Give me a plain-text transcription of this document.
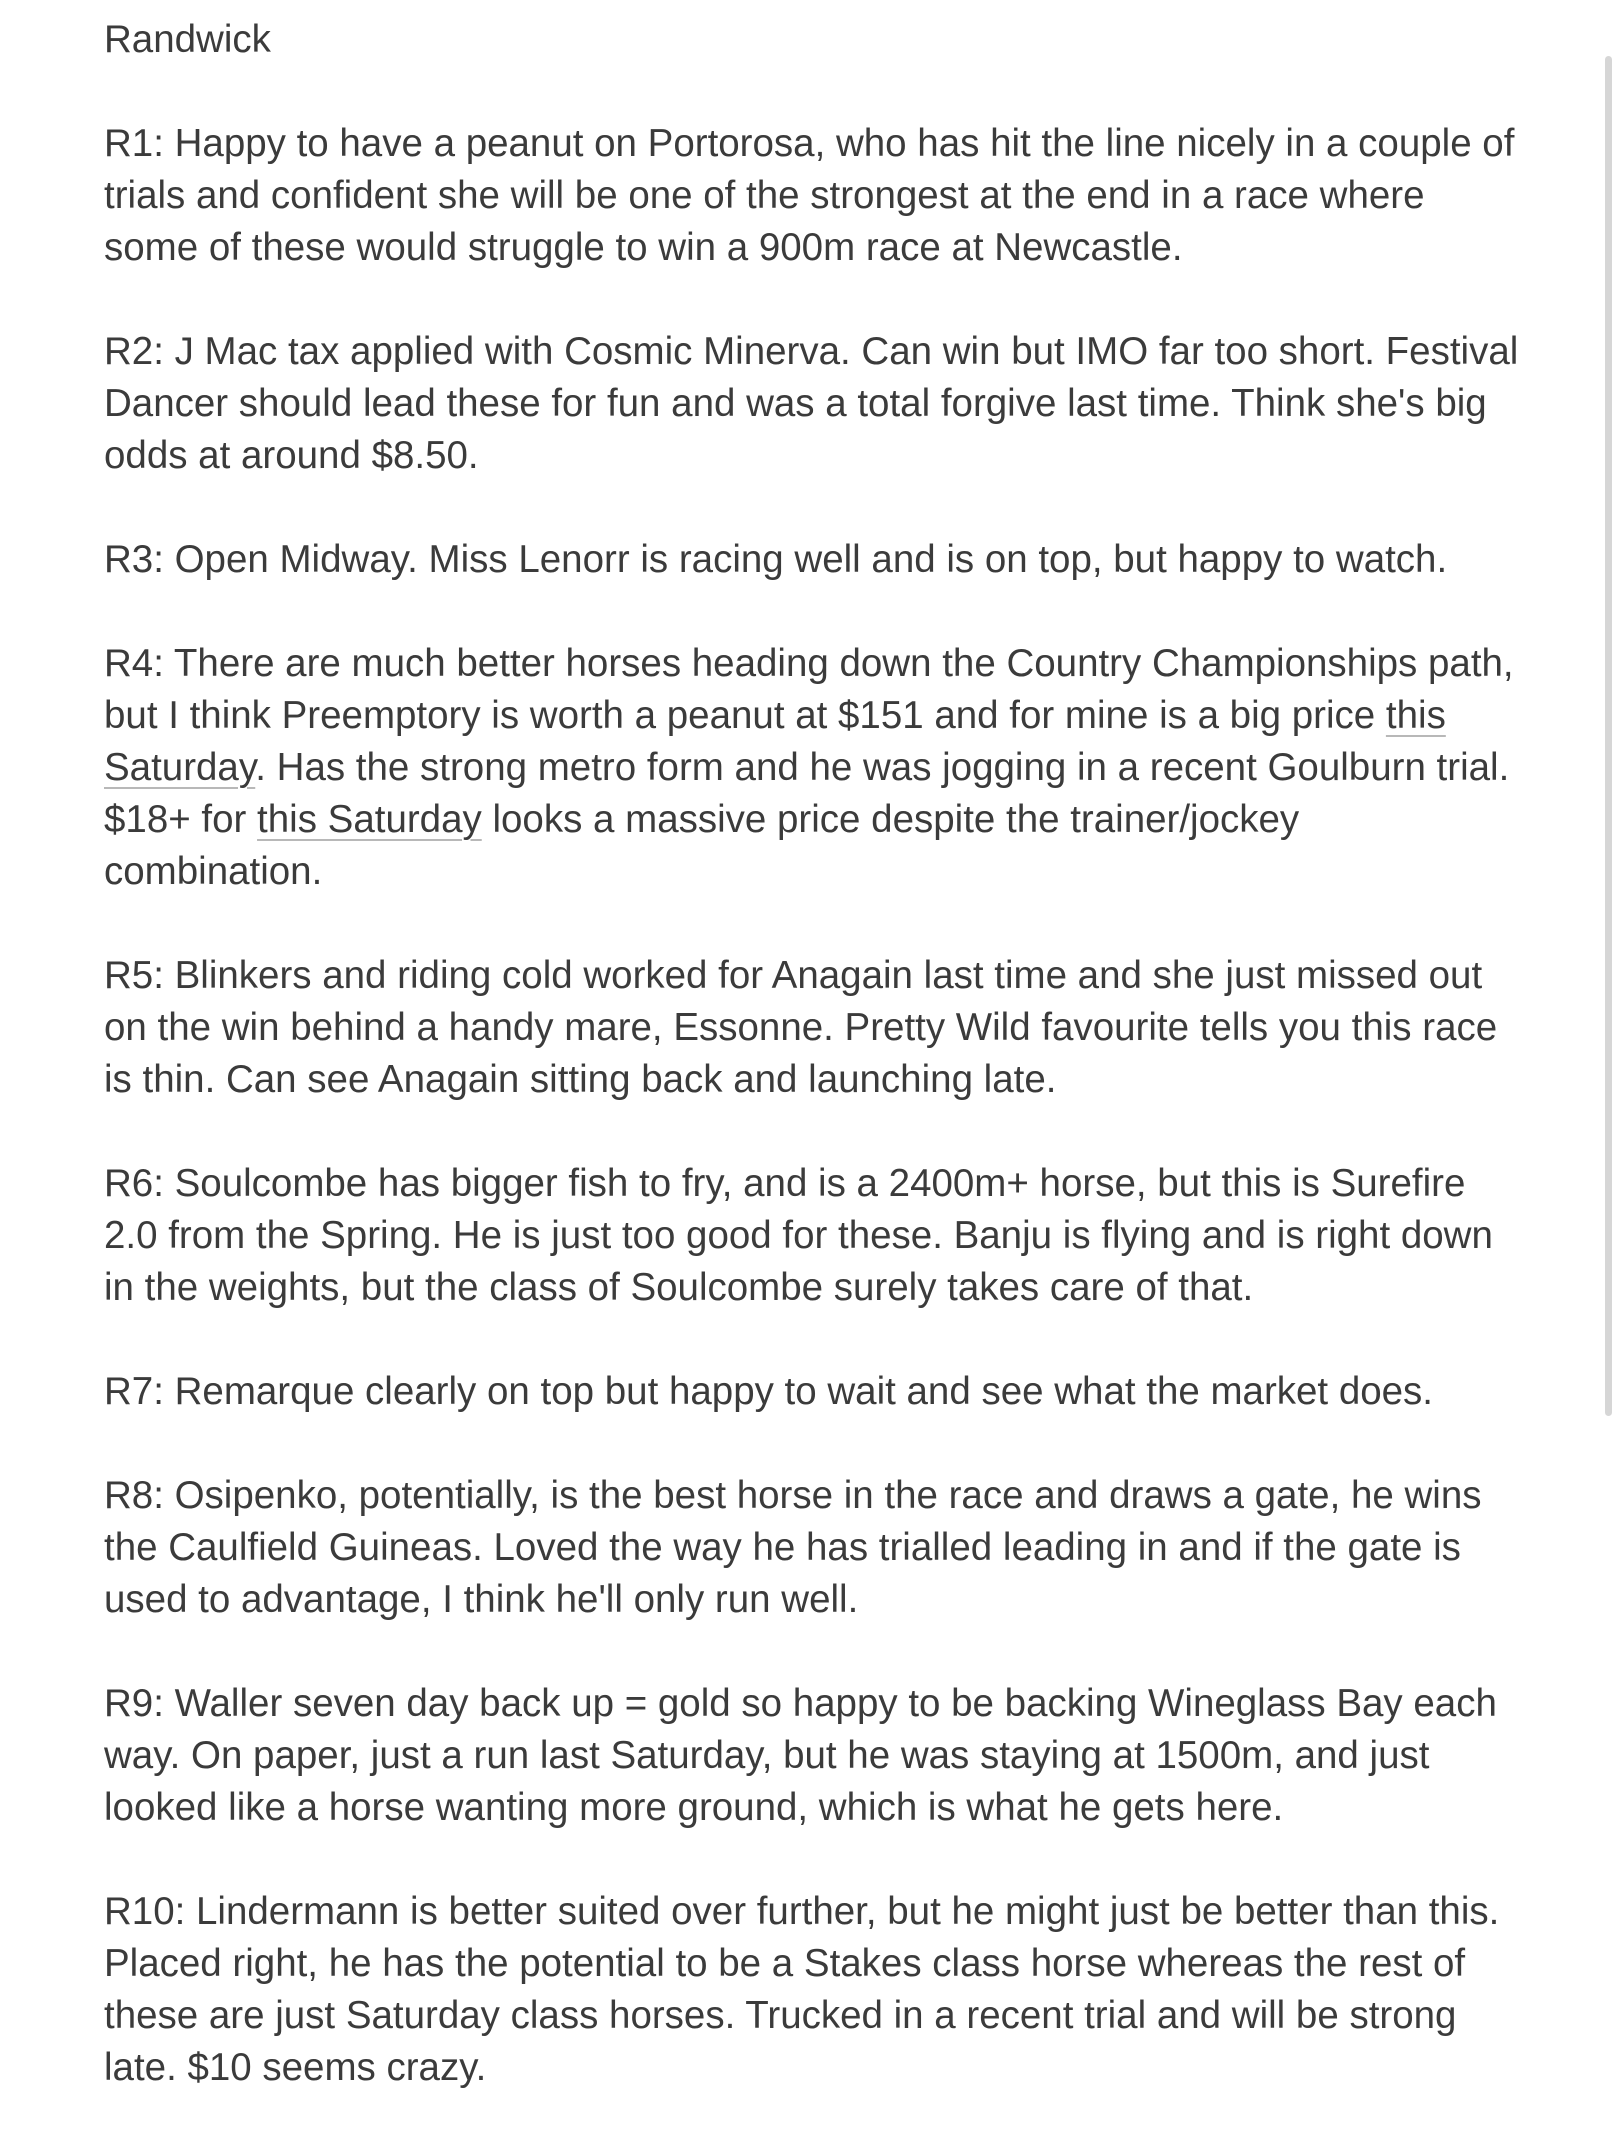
Randwick

R1: Happy to have a peanut on Portorosa, who has hit the line nicely in a couple of trials and confident she will be one of the strongest at the end in a race where some of these would struggle to win a 900m race at Newcastle.

R2: J Mac tax applied with Cosmic Minerva. Can win but IMO far too short. Festival Dancer should lead these for fun and was a total forgive last time. Think she's big odds at around $8.50.

R3: Open Midway. Miss Lenorr is racing well and is on top, but happy to watch.

R4: There are much better horses heading down the Country Championships path, but I think Preemptory is worth a peanut at $151 and for mine is a big price this Saturday. Has the strong metro form and he was jogging in a recent Goulburn trial. $18+ for this Saturday looks a massive price despite the trainer/jockey combination.

R5: Blinkers and riding cold worked for Anagain last time and she just missed out on the win behind a handy mare, Essonne. Pretty Wild favourite tells you this race is thin. Can see Anagain sitting back and launching late.

R6: Soulcombe has bigger fish to fry, and is a 2400m+ horse, but this is Surefire 2.0 from the Spring. He is just too good for these. Banju is flying and is right down in the weights, but the class of Soulcombe surely takes care of that.

R7: Remarque clearly on top but happy to wait and see what the market does.

R8: Osipenko, potentially, is the best horse in the race and draws a gate, he wins the Caulfield Guineas. Loved the way he has trialled leading in and if the gate is used to advantage, I think he'll only run well.

R9: Waller seven day back up = gold so happy to be backing Wineglass Bay each way. On paper, just a run last Saturday, but he was staying at 1500m, and just looked like a horse wanting more ground, which is what he gets here.

R10: Lindermann is better suited over further, but he might just be better than this. Placed right, he has the potential to be a Stakes class horse whereas the rest of these are just Saturday class horses. Trucked in a recent trial and will be strong late. $10 seems crazy.
